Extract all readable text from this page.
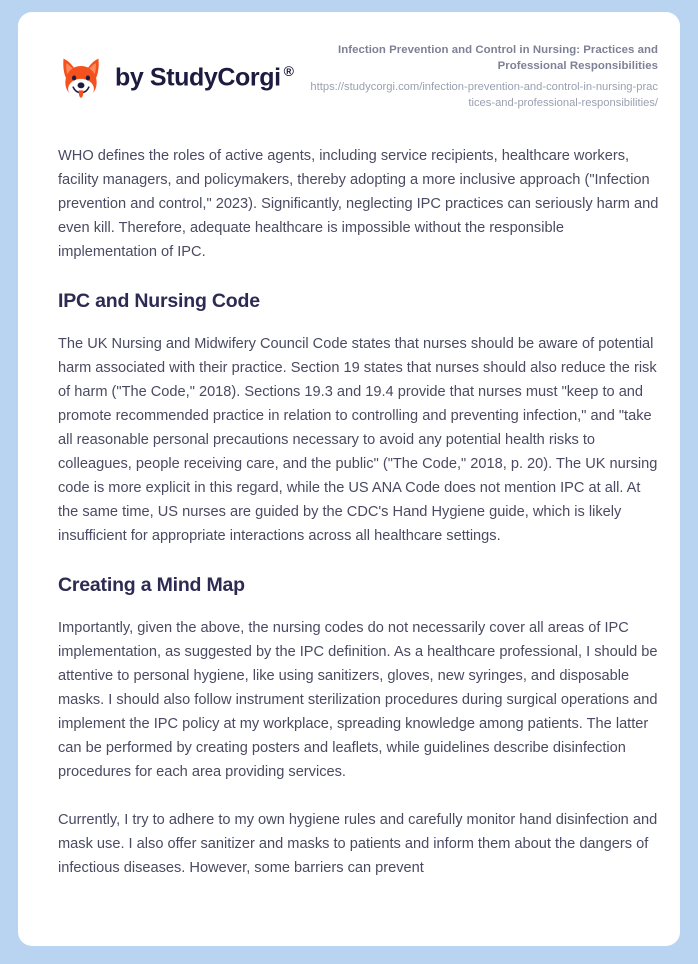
by StudyCorgi ®
Infection Prevention and Control in Nursing: Practices and Professional Responsibilities
https://studycorgi.com/infection-prevention-and-control-in-nursing-practices-and-professional-responsibilities/

WHO defines the roles of active agents, including service recipients, healthcare workers, facility managers, and policymakers, thereby adopting a more inclusive approach ("Infection prevention and control," 2023). Significantly, neglecting IPC practices can seriously harm and even kill. Therefore, adequate healthcare is impossible without the responsible implementation of IPC.

IPC and Nursing Code

The UK Nursing and Midwifery Council Code states that nurses should be aware of potential harm associated with their practice. Section 19 states that nurses should also reduce the risk of harm ("The Code," 2018). Sections 19.3 and 19.4 provide that nurses must "keep to and promote recommended practice in relation to controlling and preventing infection," and "take all reasonable personal precautions necessary to avoid any potential health risks to colleagues, people receiving care, and the public" ("The Code," 2018, p. 20). The UK nursing code is more explicit in this regard, while the US ANA Code does not mention IPC at all. At the same time, US nurses are guided by the CDC's Hand Hygiene guide, which is likely insufficient for appropriate interactions across all healthcare settings.

Creating a Mind Map

Importantly, given the above, the nursing codes do not necessarily cover all areas of IPC implementation, as suggested by the IPC definition. As a healthcare professional, I should be attentive to personal hygiene, like using sanitizers, gloves, new syringes, and disposable masks. I should also follow instrument sterilization procedures during surgical operations and implement the IPC policy at my workplace, spreading knowledge among patients. The latter can be performed by creating posters and leaflets, while guidelines describe disinfection procedures for each area providing services.

Currently, I try to adhere to my own hygiene rules and carefully monitor hand disinfection and mask use. I also offer sanitizer and masks to patients and inform them about the dangers of infectious diseases. However, some barriers can prevent
